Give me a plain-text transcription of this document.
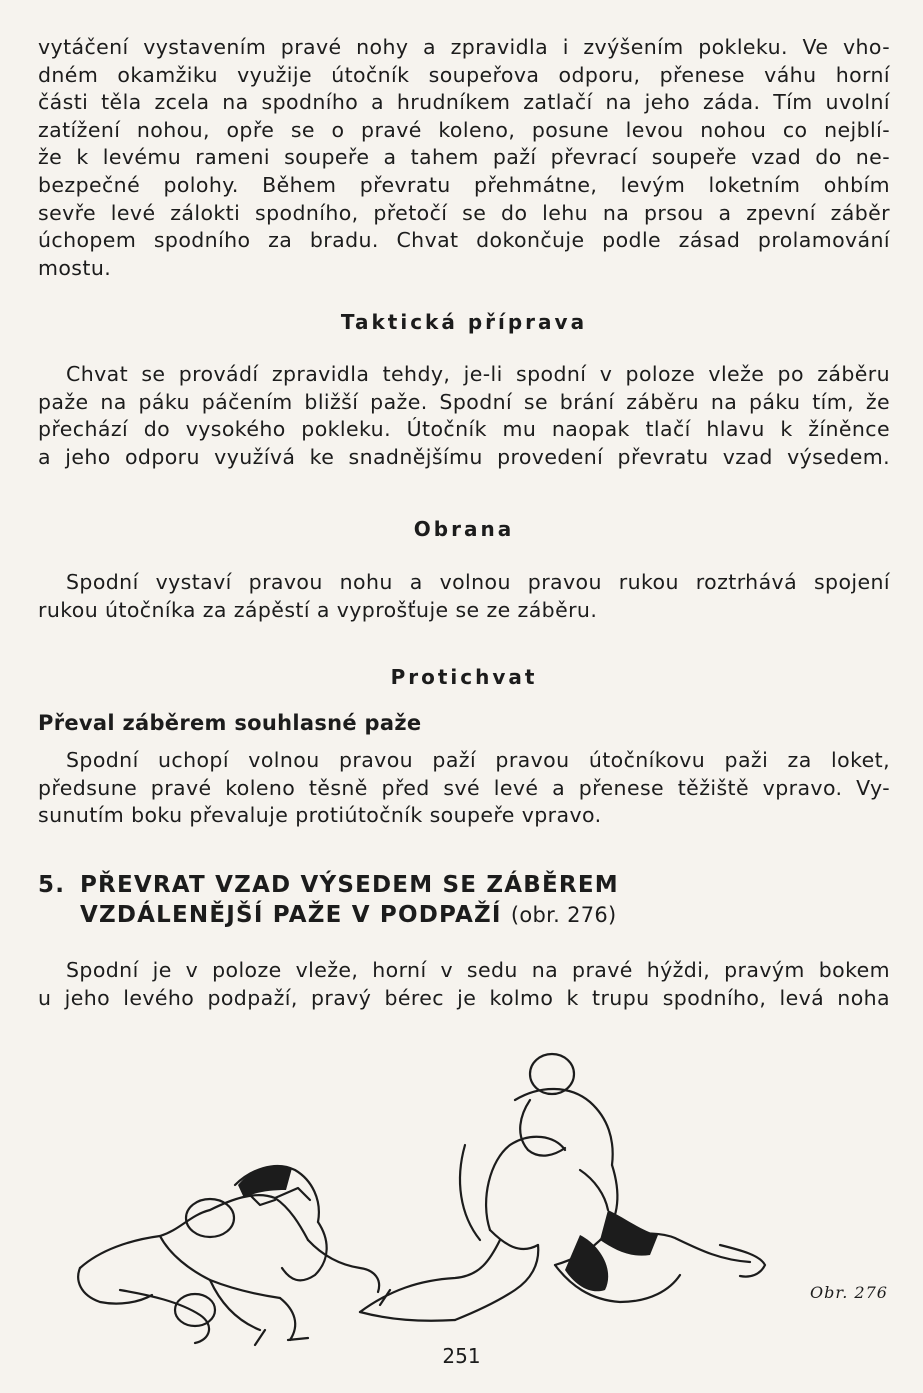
vytáčení vystavením pravé nohy a zpravidla i zvýšením pokleku. Ve vho-
dném okamžiku využije útočník soupeřova odporu, přenese váhu horní
části těla zcela na spodního a hrudníkem zatlačí na jeho záda. Tím uvolní
zatížení nohou, opře se o pravé koleno, posune levou nohou co nejblí-
že k levému rameni soupeře a tahem paží převrací soupeře vzad do ne-
bezpečné polohy. Během převratu přehmátne, levým loketním ohbím
sevře levé zálokti spodního, přetočí se do lehu na prsou a zpevní záběr
úchopem spodního za bradu. Chvat dokončuje podle zásad prolamování
mostu.
Taktická příprava
Chvat se provádí zpravidla tehdy, je-li spodní v poloze vleže po záběru
paže na páku páčením bližší paže. Spodní se brání záběru na páku tím, že
přechází do vysokého pokleku. Útočník mu naopak tlačí hlavu k žíněnce
a jeho odporu využívá ke snadnějšímu provedení převratu vzad výsedem.
Obrana
Spodní vystaví pravou nohu a volnou pravou rukou roztrhává spojení
rukou útočníka za zápěstí a vyprošťuje se ze záběru.
Protichvat
Převal záběrem souhlasné paže
Spodní uchopí volnou pravou paží pravou útočníkovu paži za loket,
předsune pravé koleno těsně před své levé a přenese těžiště vpravo. Vy-
sunutím boku převaluje protiútočník soupeře vpravo.
5. PŘEVRAT VZAD VÝSEDEM SE ZÁBĚREM
VZDÁLENĚJŠÍ PAŽE V PODPAŽÍ (obr. 276)
Spodní je v poloze vleže, horní v sedu na pravé hýždi, pravým bokem
u jeho levého podpaží, pravý bérec je kolmo k trupu spodního, levá noha
Obr. 276
251
